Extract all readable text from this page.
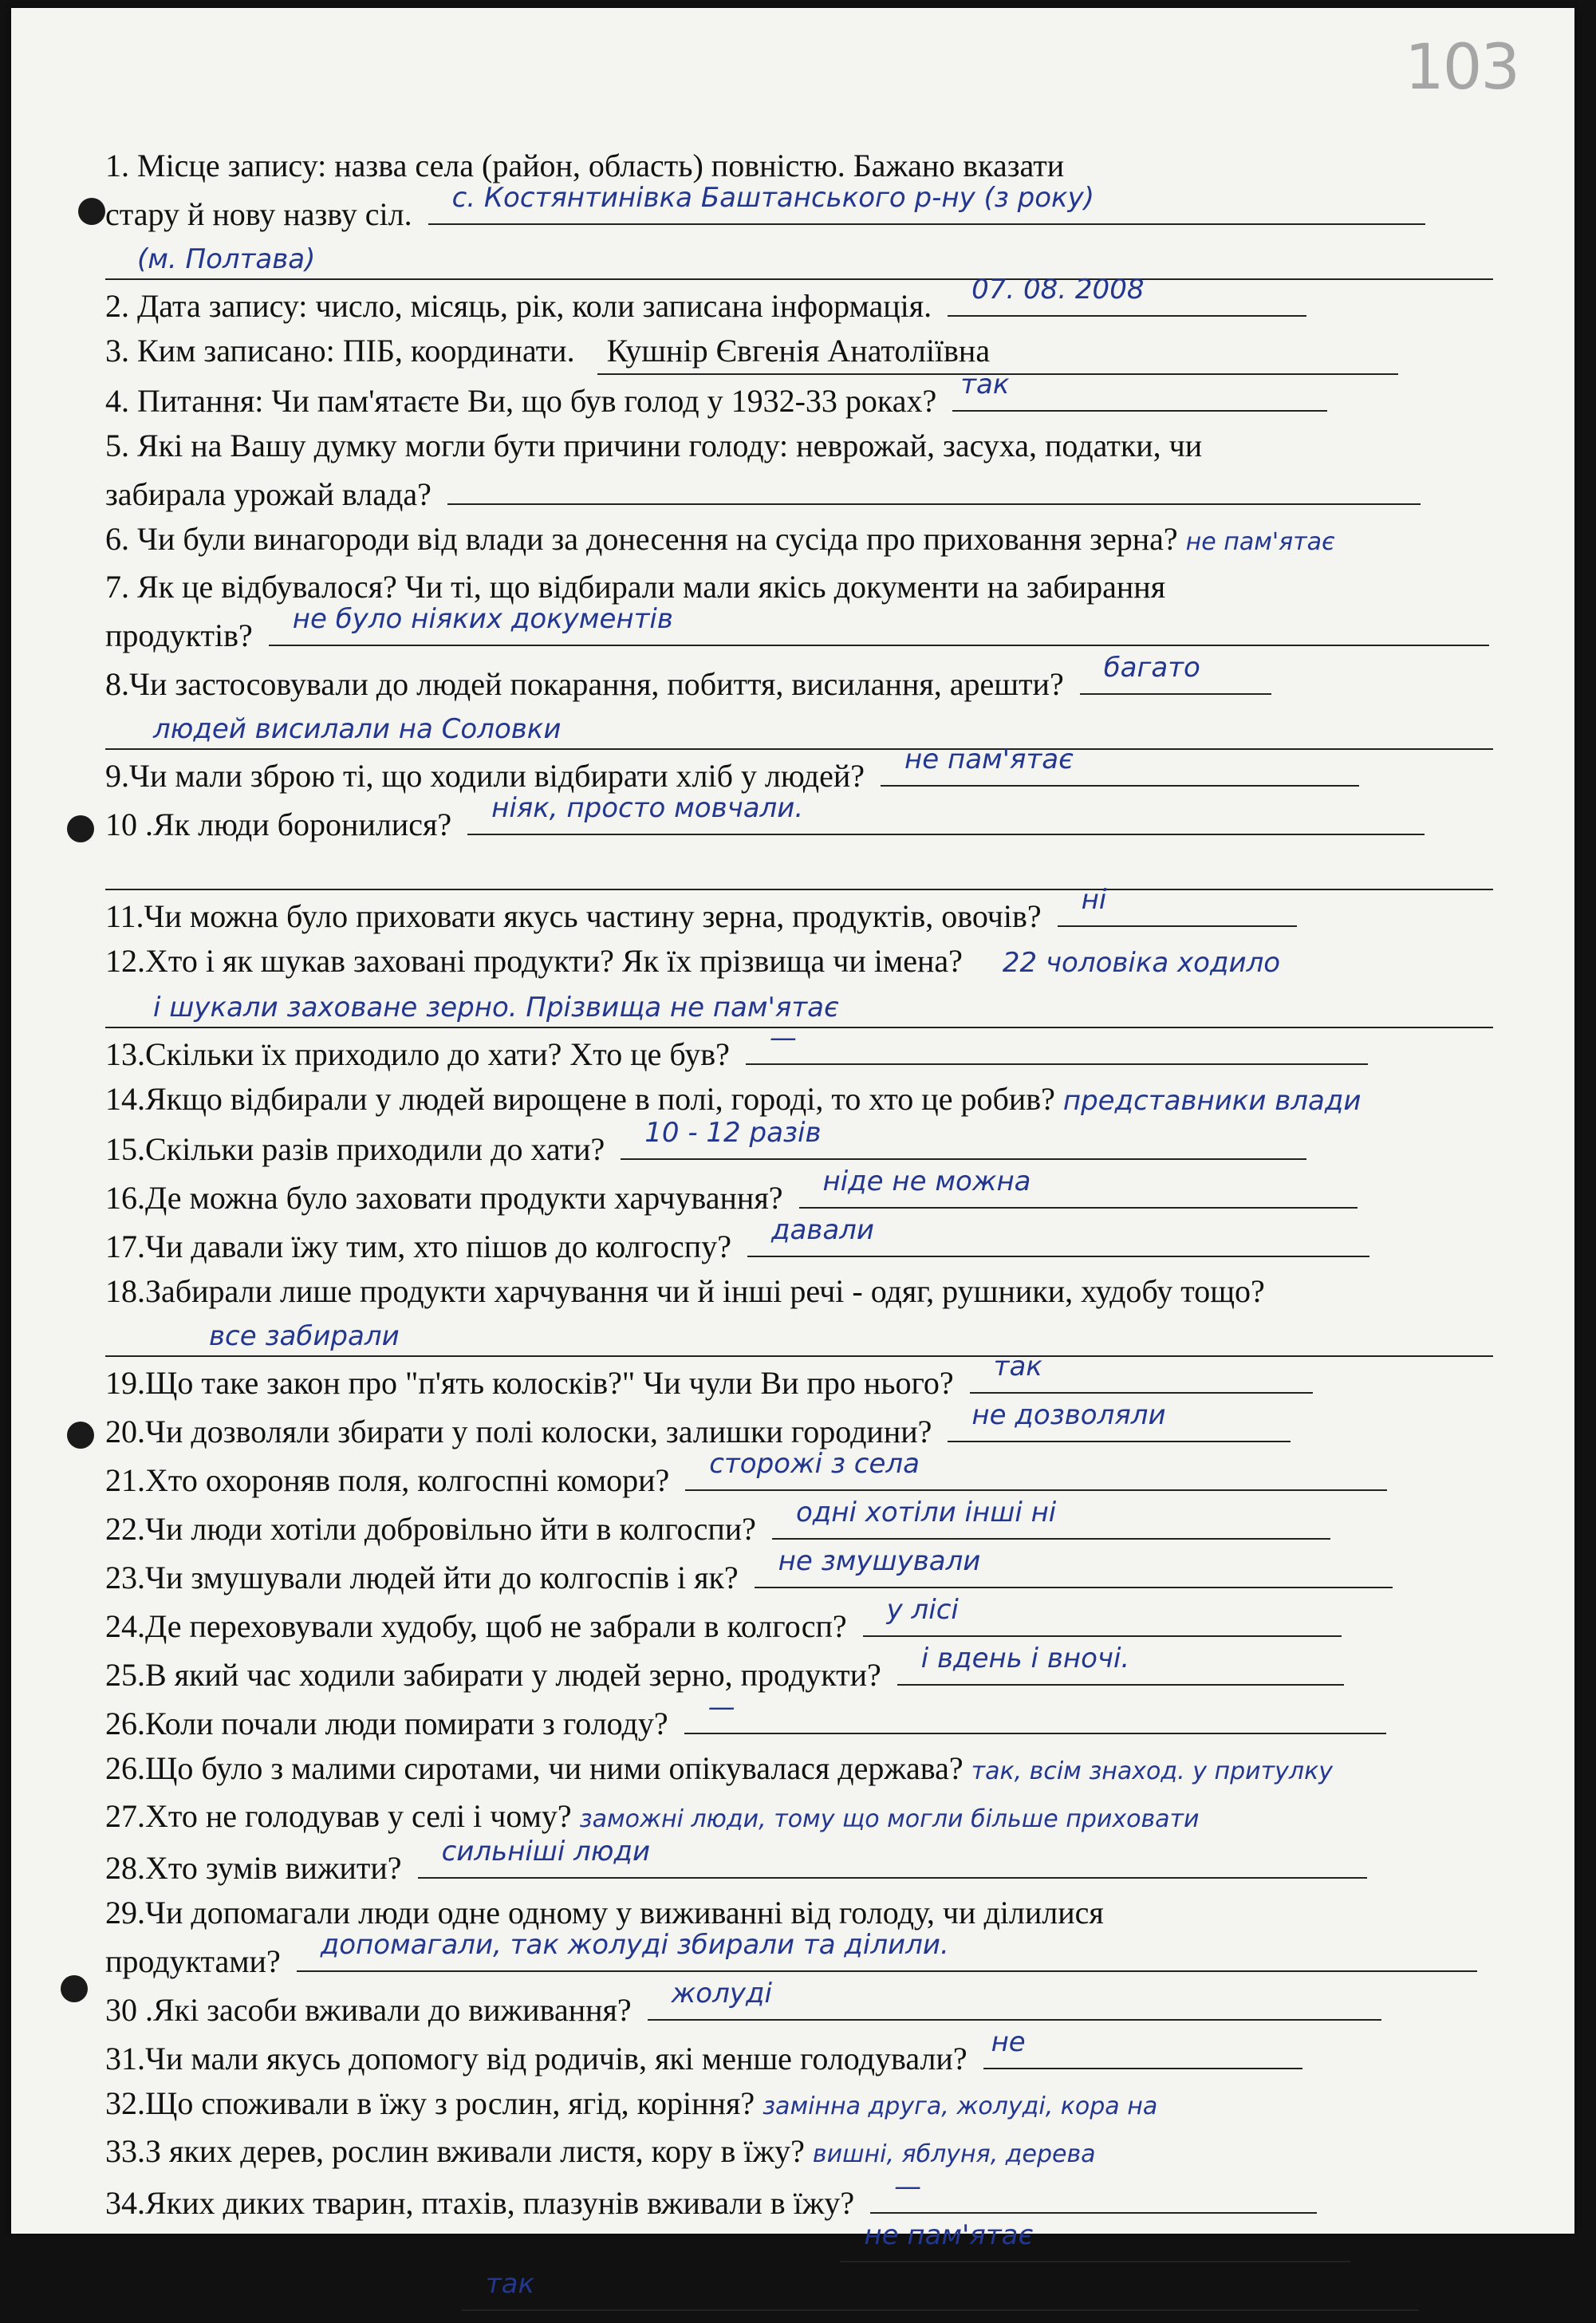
103
1. Місце запису: назва села (район, область) повністю. Бажано вказати
стару й нову назву сіл. с. Костянтинівка Баштанського р-ну (з року)
(м. Полтава)
2. Дата запису: число, місяць, рік, коли записана інформація. 07. 08. 2008
3. Ким записано: ПІБ, координати. Кушнір Євгенія Анатоліївна
4. Питання: Чи пам'ятаєте Ви, що був голод у 1932-33 роках? так
5. Які на Вашу думку могли бути причини голоду: неврожай, засуха, податки, чи
забирала урожай влада?
6. Чи були винагороди від влади за донесення на сусіда про приховання зерна? не пам'ятає
7. Як це відбувалося? Чи ті, що відбирали мали якісь документи на забирання
продуктів? не було ніяких документів
8.Чи застосовували до людей покарання, побиття, висилання, арешти? багато
людей висилали на Соловки
9.Чи мали зброю ті, що ходили відбирати хліб у людей? не пам'ятає
10 .Як люди боронилися? ніяк, просто мовчали.
11.Чи можна було приховати якусь частину зерна, продуктів, овочів? ні
12.Хто і як шукав заховані продукти? Як їх прізвища чи імена? 22 чоловіка ходило
і шукали заховане зерно. Прізвища не пам'ятає
13.Скільки їх приходило до хати? Хто це був? —
14.Якщо відбирали у людей вирощене в полі, городі, то хто це робив? представники влади
15.Скільки разів приходили до хати? 10 - 12 разів
16.Де можна було заховати продукти харчування? ніде не можна
17.Чи давали їжу тим, хто пішов до колгоспу? давали
18.Забирали лише продукти харчування чи й інші речі - одяг, рушники, худобу тощо?
все забирали
19.Що таке закон про "п'ять колосків?" Чи чули Ви про нього? так
20.Чи дозволяли збирати у полі колоски, залишки городини? не дозволяли
21.Хто охороняв поля, колгоспні комори? сторожі з села
22.Чи люди хотіли добровільно йти в колгоспи? одні хотіли інші ні
23.Чи змушували людей йти до колгоспів і як? не змушували
24.Де переховували худобу, щоб не забрали в колгосп? у лісі
25.В який час ходили забирати у людей зерно, продукти? і вдень і вночі.
26.Коли почали люди помирати з голоду? —
26.Що було з малими сиротами, чи ними опікувалася держава? так, всім знаход. у притулку
27.Хто не голодував у селі і чому? заможні люди, тому що могли більше приховати
28.Хто зумів вижити? сильніші люди
29.Чи допомагали люди одне одному у виживанні від голоду, чи ділилися
продуктами? допомагали, так жолуді збирали та ділили.
30 .Які засоби вживали до виживання? жолуді
31.Чи мали якусь допомогу від родичів, які менше голодували? не
32.Що споживали в їжу з рослин, ягід, коріння? замінна друга, жолуді, кора на
33.З яких дерев, рослин вживали листя, кору в їжу? вишні, яблуня, дерева
34.Яких диких тварин, птахів, плазунів вживали в їжу? —
35.Чи можна було щось купити у місті, чи виміняти? не пам'ятає
36.Чи був голоду містах? так
